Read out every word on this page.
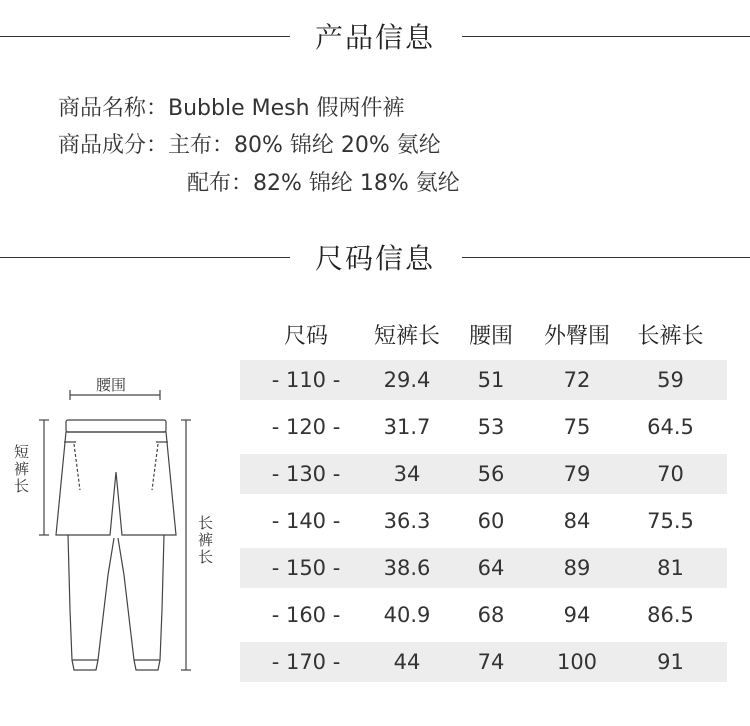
产品信息
商品名称：Bubble Mesh 假两件裤
商品成分：主布：80% 锦纶 20% 氨纶
配布：82% 锦纶 18% 氨纶
尺码信息
腰围
短裤长
长裤长
尺码	短裤长	腰围	外臀围	长裤长
- 110 -	29.4	51	72	59
- 120 -	31.7	53	75	64.5
- 130 -	34	56	79	70
- 140 -	36.3	60	84	75.5
- 150 -	38.6	64	89	81
- 160 -	40.9	68	94	86.5
- 170 -	44	74	100	91
